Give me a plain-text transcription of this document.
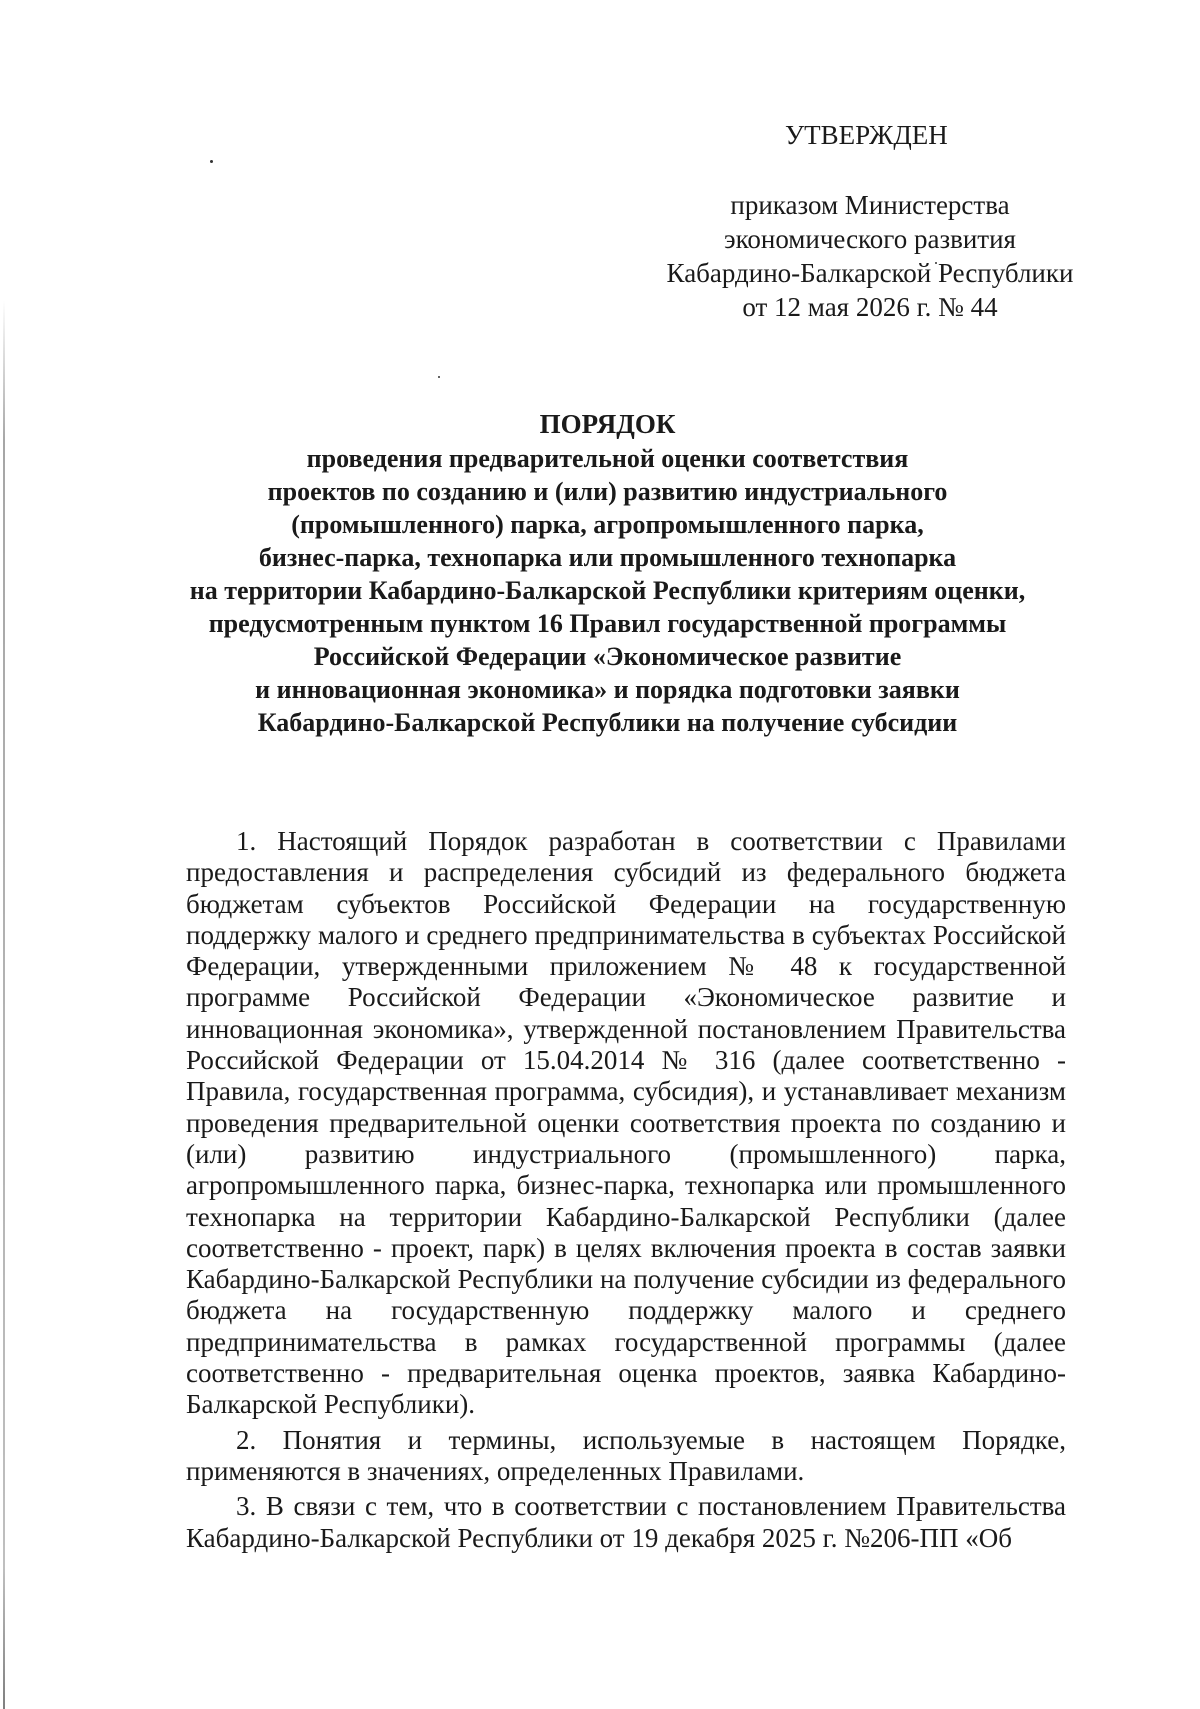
УТВЕРЖДЕН
приказом Министерства
экономического развития
Кабардино-Балкарской Республики
от 12 мая 2026 г. № 44
ПОРЯДОК
проведения предварительной оценки соответствия
проектов по созданию и (или) развитию индустриального
(промышленного) парка, агропромышленного парка,
бизнес-парка, технопарка или промышленного технопарка
на территории Кабардино-Балкарской Республики критериям оценки,
предусмотренным пунктом 16 Правил государственной программы
Российской Федерации «Экономическое развитие
и инновационная экономика» и порядка подготовки заявки
Кабардино-Балкарской Республики на получение субсидии

1. Настоящий Порядок разработан в соответствии с Правилами предоставления и распределения субсидий из федерального бюджета бюджетам субъектов Российской Федерации на государственную поддержку малого и среднего предпринимательства в субъектах Российской Федерации, утвержденными приложением № 48 к государственной программе Российской Федерации «Экономическое развитие и инновационная экономика», утвержденной постановлением Правительства Российской Федерации от 15.04.2014 № 316 (далее соответственно - Правила, государственная программа, субсидия), и устанавливает механизм проведения предварительной оценки соответствия проекта по созданию и (или) развитию индустриального (промышленного) парка, агропромышленного парка, бизнес-парка, технопарка или промышленного технопарка на территории Кабардино-Балкарской Республики (далее соответственно - проект, парк) в целях включения проекта в состав заявки Кабардино-Балкарской Республики на получение субсидии из федерального бюджета на государственную поддержку малого и среднего предпринимательства в рамках государственной программы (далее соответственно - предварительная оценка проектов, заявка Кабардино-Балкарской Республики).

2. Понятия и термины, используемые в настоящем Порядке, применяются в значениях, определенных Правилами.

3. В связи с тем, что в соответствии с постановлением Правительства Кабардино-Балкарской Республики от 19 декабря 2025 г. №206-ПП «Об
